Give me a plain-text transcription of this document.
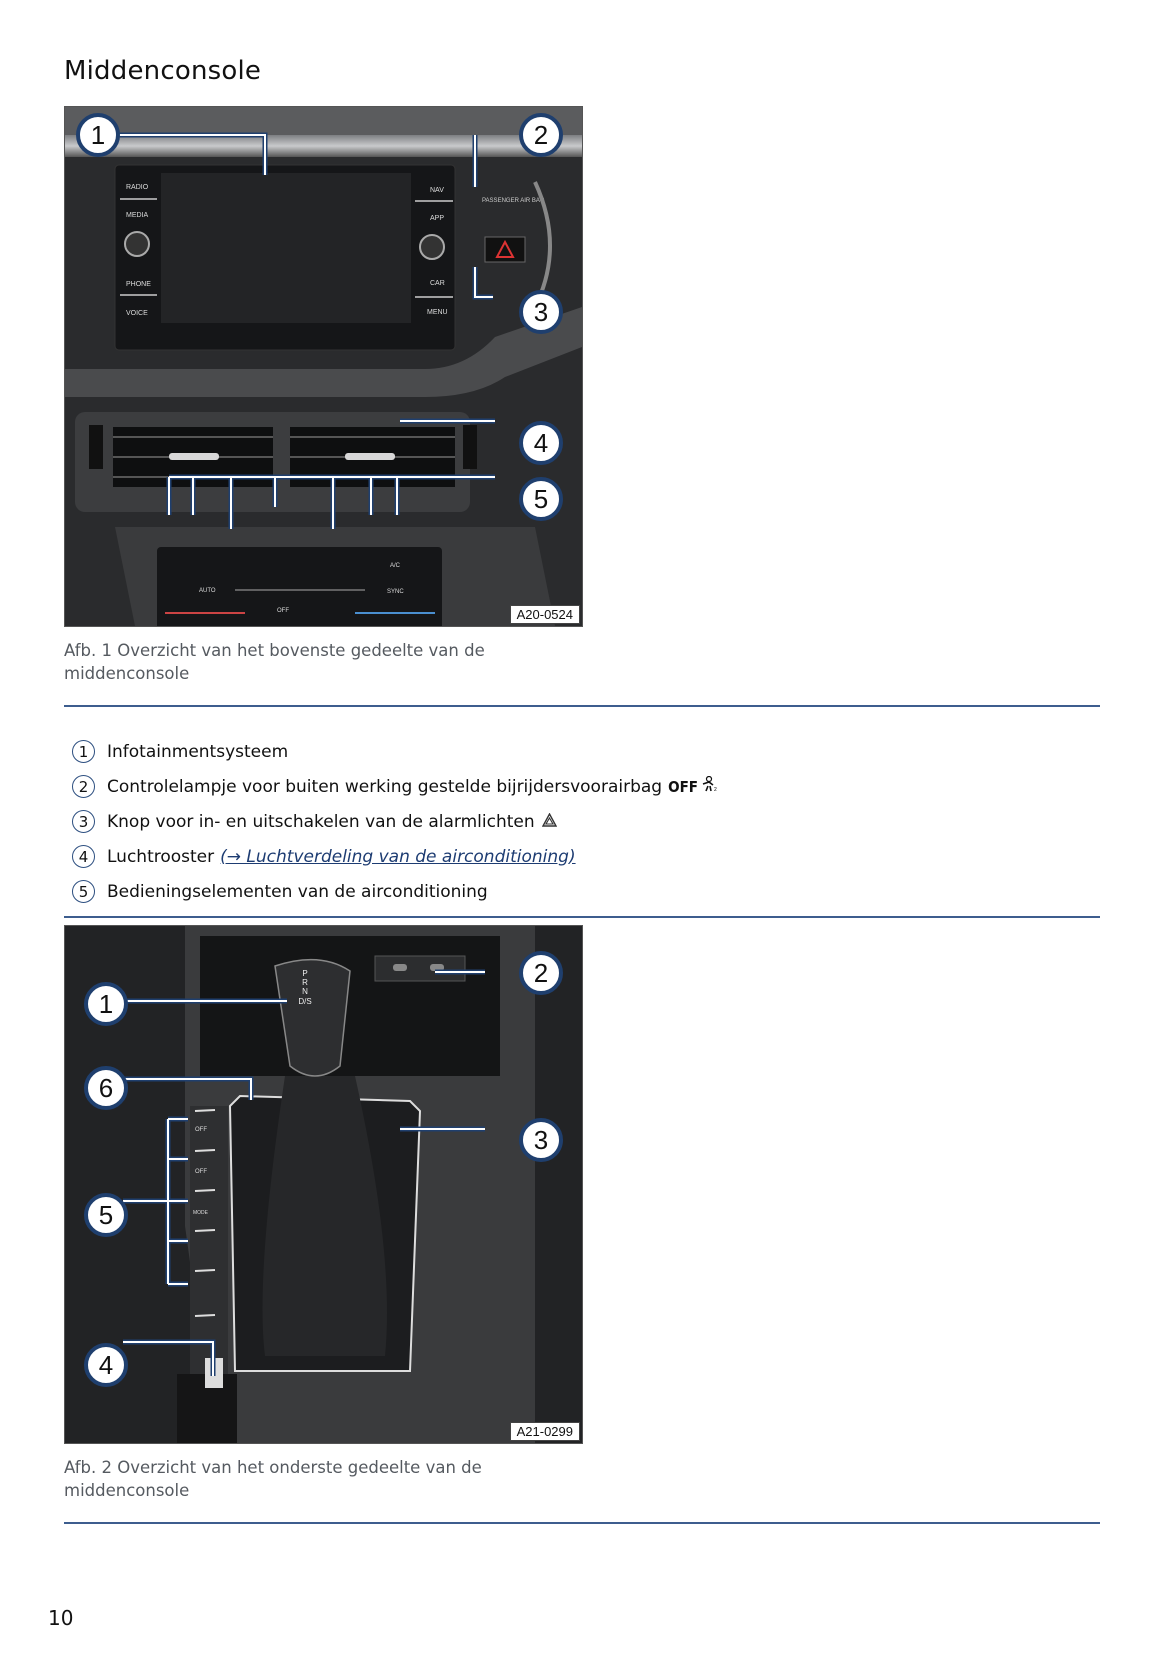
Middenconsole
RADIO
MEDIA
PHONE
VOICE
NAV
APP
CAR
MENU
PASSENGER AIR BAG
AUTO
A/C
SYNC
OFF
1	2
3
4
5
A20-0524
Afb. 1 Overzicht van het bovenste gedeelte van de
middenconsole
1	Infotainmentsysteem
2	Controlelampje voor buiten werking gestelde bijrijdersvoorairbag OFF	2
3	Knop voor in- en uitschakelen van de alarmlichten
4	Luchtrooster (→ Luchtverdeling van de airconditioning)
5	Bedieningselementen van de airconditioning
OFF
OFF
MODE
P
R
N
D/S
1
2
3
4
5
6
A21-0299
Afb. 2 Overzicht van het onderste gedeelte van de
middenconsole
10
